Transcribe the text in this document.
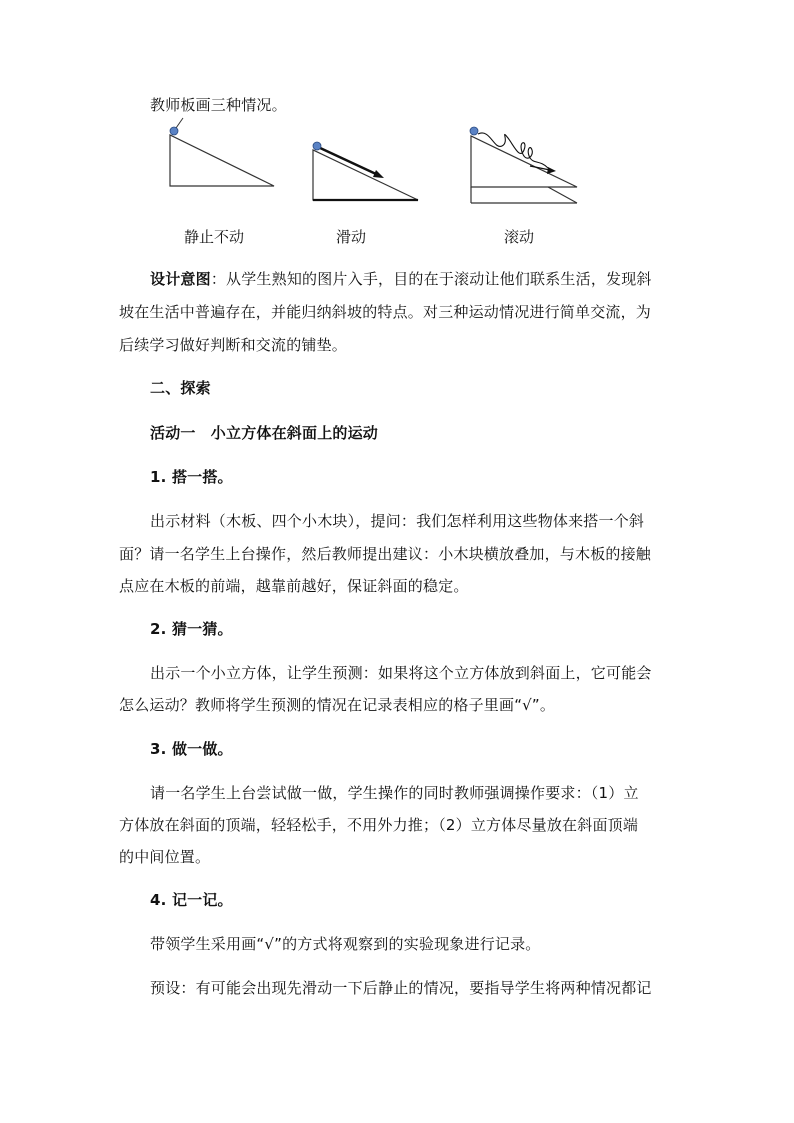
教师板画三种情况。
静止不动	滑动	滚动
设计意图：从学生熟知的图片入手，目的在于滚动让他们联系生活，发现斜
坡在生活中普遍存在，并能归纳斜坡的特点。对三种运动情况进行简单交流，为
后续学习做好判断和交流的铺垫。
二、探索
活动一　小立方体在斜面上的运动
1. 搭一搭。
出示材料（木板、四个小木块），提问：我们怎样利用这些物体来搭一个斜
面？请一名学生上台操作，然后教师提出建议：小木块横放叠加，与木板的接触
点应在木板的前端，越靠前越好，保证斜面的稳定。
2. 猜一猜。
出示一个小立方体，让学生预测：如果将这个立方体放到斜面上，它可能会
怎么运动？教师将学生预测的情况在记录表相应的格子里画“√”。
3. 做一做。
请一名学生上台尝试做一做，学生操作的同时教师强调操作要求：（1）立
方体放在斜面的顶端，轻轻松手，不用外力推；（2）立方体尽量放在斜面顶端
的中间位置。
4. 记一记。
带领学生采用画“√”的方式将观察到的实验现象进行记录。
预设：有可能会出现先滑动一下后静止的情况，要指导学生将两种情况都记
